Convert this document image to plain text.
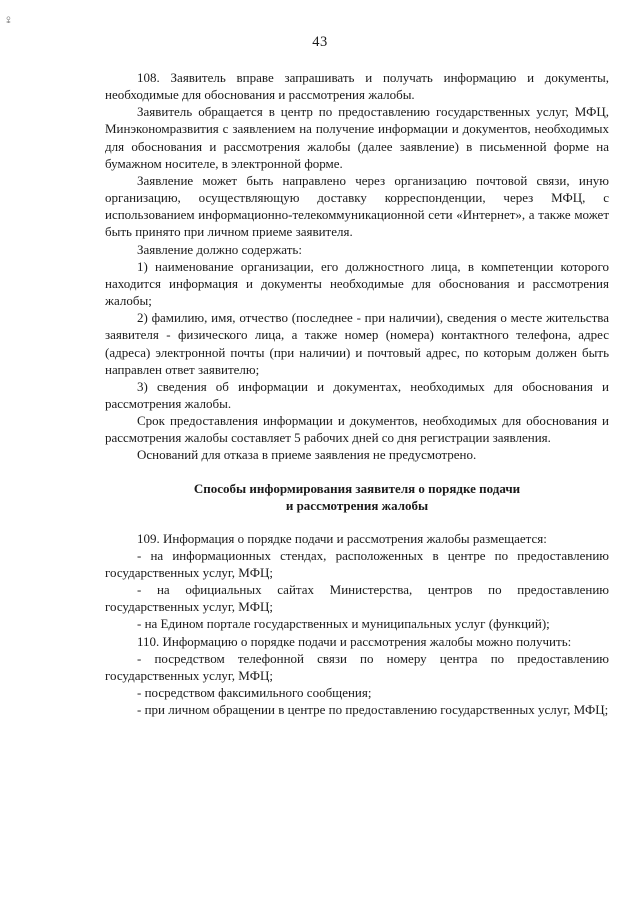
ꔍ
43

108. Заявитель вправе запрашивать и получать информацию и документы, необходимые для обоснования и рассмотрения жалобы.

Заявитель обращается в центр по предоставлению государственных услуг, МФЦ, Минэкономразвития с заявлением на получение информации и документов, необходимых для обоснования и рассмотрения жалобы (далее заявление) в письменной форме на бумажном носителе, в электронной форме.

Заявление может быть направлено через организацию почтовой связи, иную организацию, осуществляющую доставку корреспонденции, через МФЦ, с использованием информационно-телекоммуникационной сети «Интернет», а также может быть принято при личном приеме заявителя.

Заявление должно содержать:

1) наименование организации, его должностного лица, в компетенции которого находится информация и документы необходимые для обоснования и рассмотрения жалобы;

2) фамилию, имя, отчество (последнее - при наличии), сведения о месте жительства заявителя - физического лица, а также номер (номера) контактного телефона, адрес (адреса) электронной почты (при наличии) и почтовый адрес, по которым должен быть направлен ответ заявителю;

3) сведения об информации и документах, необходимых для обоснования и рассмотрения жалобы.

Срок предоставления информации и документов, необходимых для обоснования и рассмотрения жалобы составляет 5 рабочих дней со дня регистрации заявления.

Оснований для отказа в приеме заявления не предусмотрено.

Способы информирования заявителя о порядке подачи

и рассмотрения жалобы

109. Информация о порядке подачи и рассмотрения жалобы размещается:

- на информационных стендах, расположенных в центре по предоставлению государственных услуг, МФЦ;

- на официальных сайтах Министерства, центров по предоставлению государственных услуг, МФЦ;

- на Едином портале государственных и муниципальных услуг (функций);

110. Информацию о порядке подачи и рассмотрения жалобы можно получить:

- посредством телефонной связи по номеру центра по предоставлению государственных услуг, МФЦ;

- посредством факсимильного сообщения;

- при личном обращении в центре по предоставлению государственных услуг, МФЦ;
